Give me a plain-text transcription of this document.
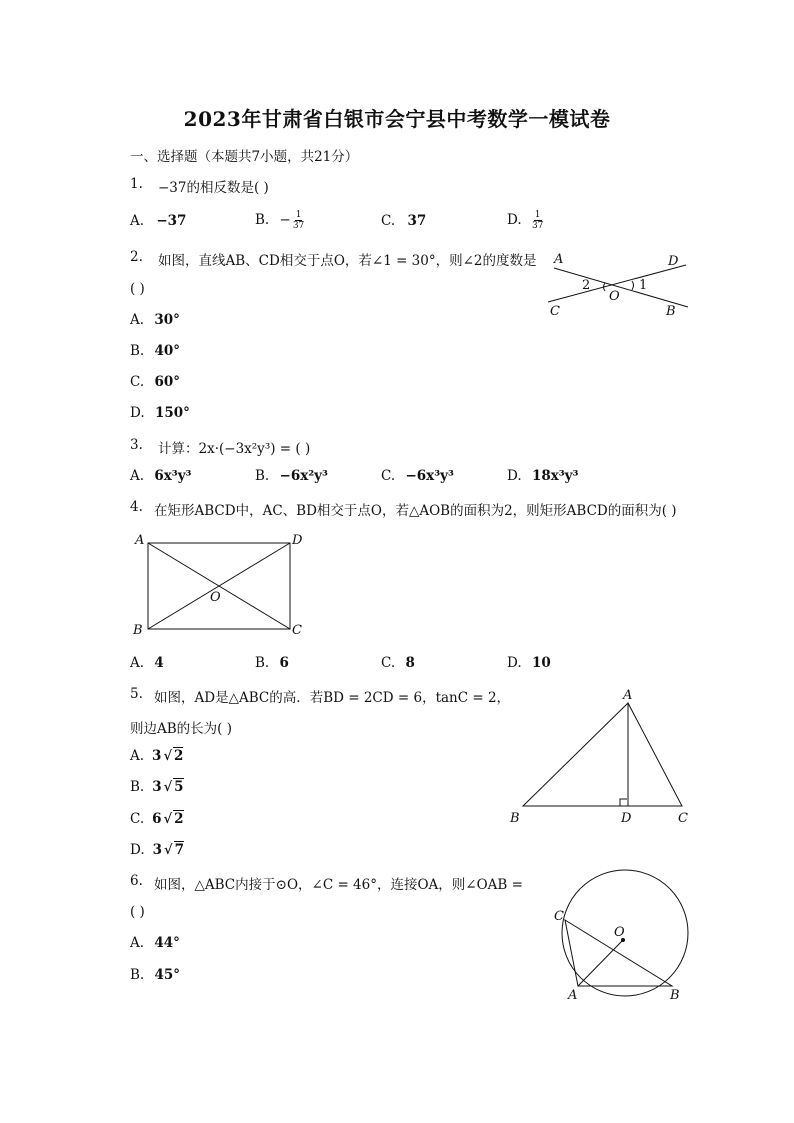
2023年甘肃省白银市会宁县中考数学一模试卷
一、选择题（本题共7小题，共21分）
1. −37的相反数是( )
A. −37	B. − $\frac{1}{37}$	C. 37	D. $\frac{1}{37}$
2. 如图，直线AB、CD相交于点O，若∠1 = 30°，则∠2的度数是
( )
A. 30°
B. 40°
C. 60°
D. 150°
A	D
2
O
1
C	B
3. 计算：2x·(−3x²y³) = ( )
A. 6x³y³	B. −6x²y³	C. −6x³y³	D. 18x³y³
4. 在矩形ABCD中，AC、BD相交于点O，若△AOB的面积为2，则矩形ABCD的面积为( )
A	D
O
B	C
A. 4	B. 6	C. 8	D. 10
5. 如图，AD是△ABC的高．若BD = 2CD = 6，tanC = 2，
则边AB的长为( )
A. 3 √ 2
B. 3 √ 5
C. 6 √ 2
D. 3 √ 7
A
B	D	C
6. 如图，△ABC内接于⊙O，∠C = 46°，连接OA，则∠OAB =
( )
A. 44°
B. 45°
C
O
A	B
